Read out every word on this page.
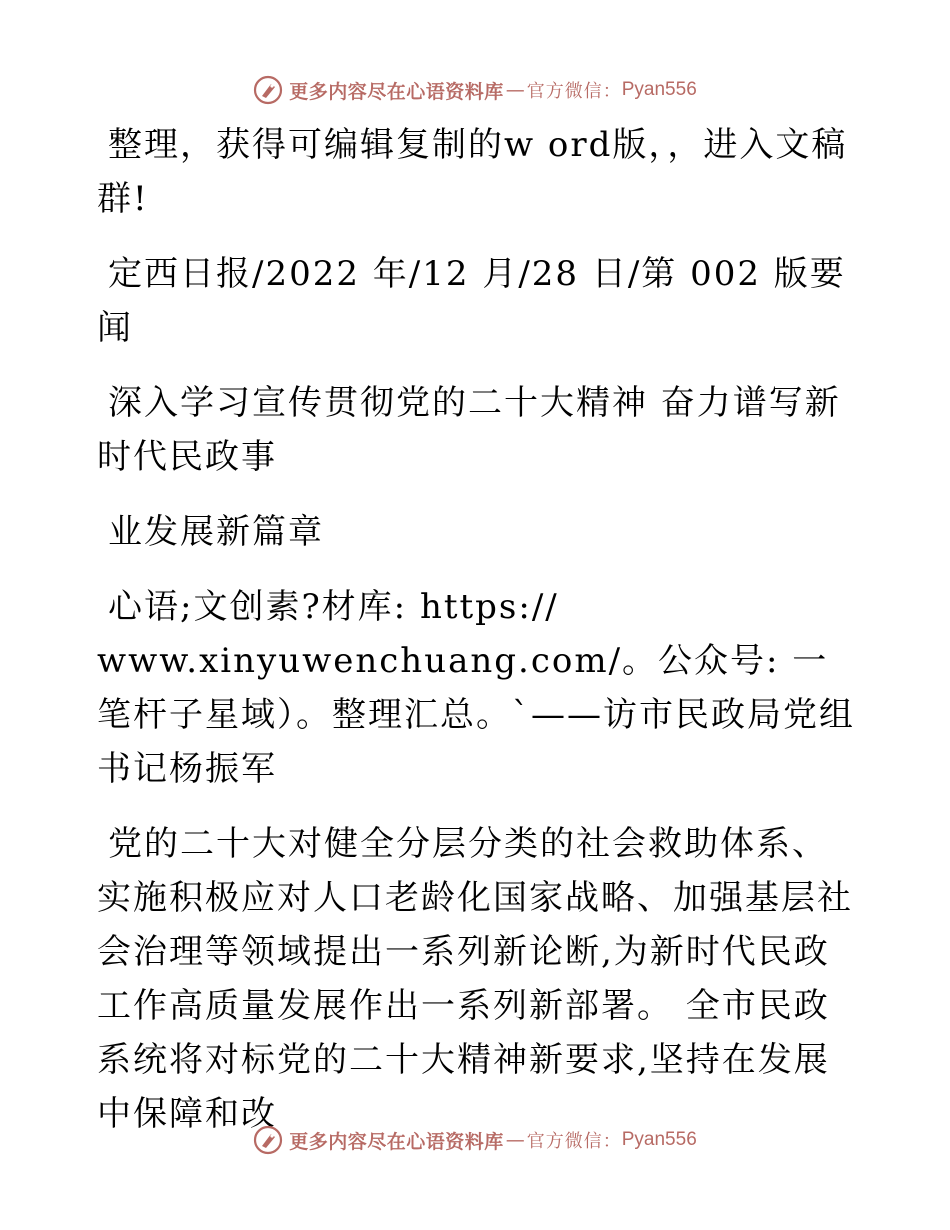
更多内容尽在心语资料库 — 官方微信： Pyan556

整理，获得可编辑复制的w ord版，，进入文稿群!

定西日报/2022 年/12 月/28 日/第 002 版要闻

深入学习宣传贯彻党的二十大精神 奋力谱写新时代民政事

业发展新篇章

心语;文创素?材库: https:// www.xinyuwenchuang.com/。公众号: 一笔杆子星域）。整理汇总。`——访市民政局党组书记杨振军

党的二十大对健全分层分类的社会救助体系、实施积极应对人口老龄化国家战略、加强基层社会治理等领域提出一系列新论断,为新时代民政工作高质量发展作出一系列新部署。 全市民政系统将对标党的二十大精神新要求,坚持在发展中保障和改

更多内容尽在心语资料库 — 官方微信： Pyan556
